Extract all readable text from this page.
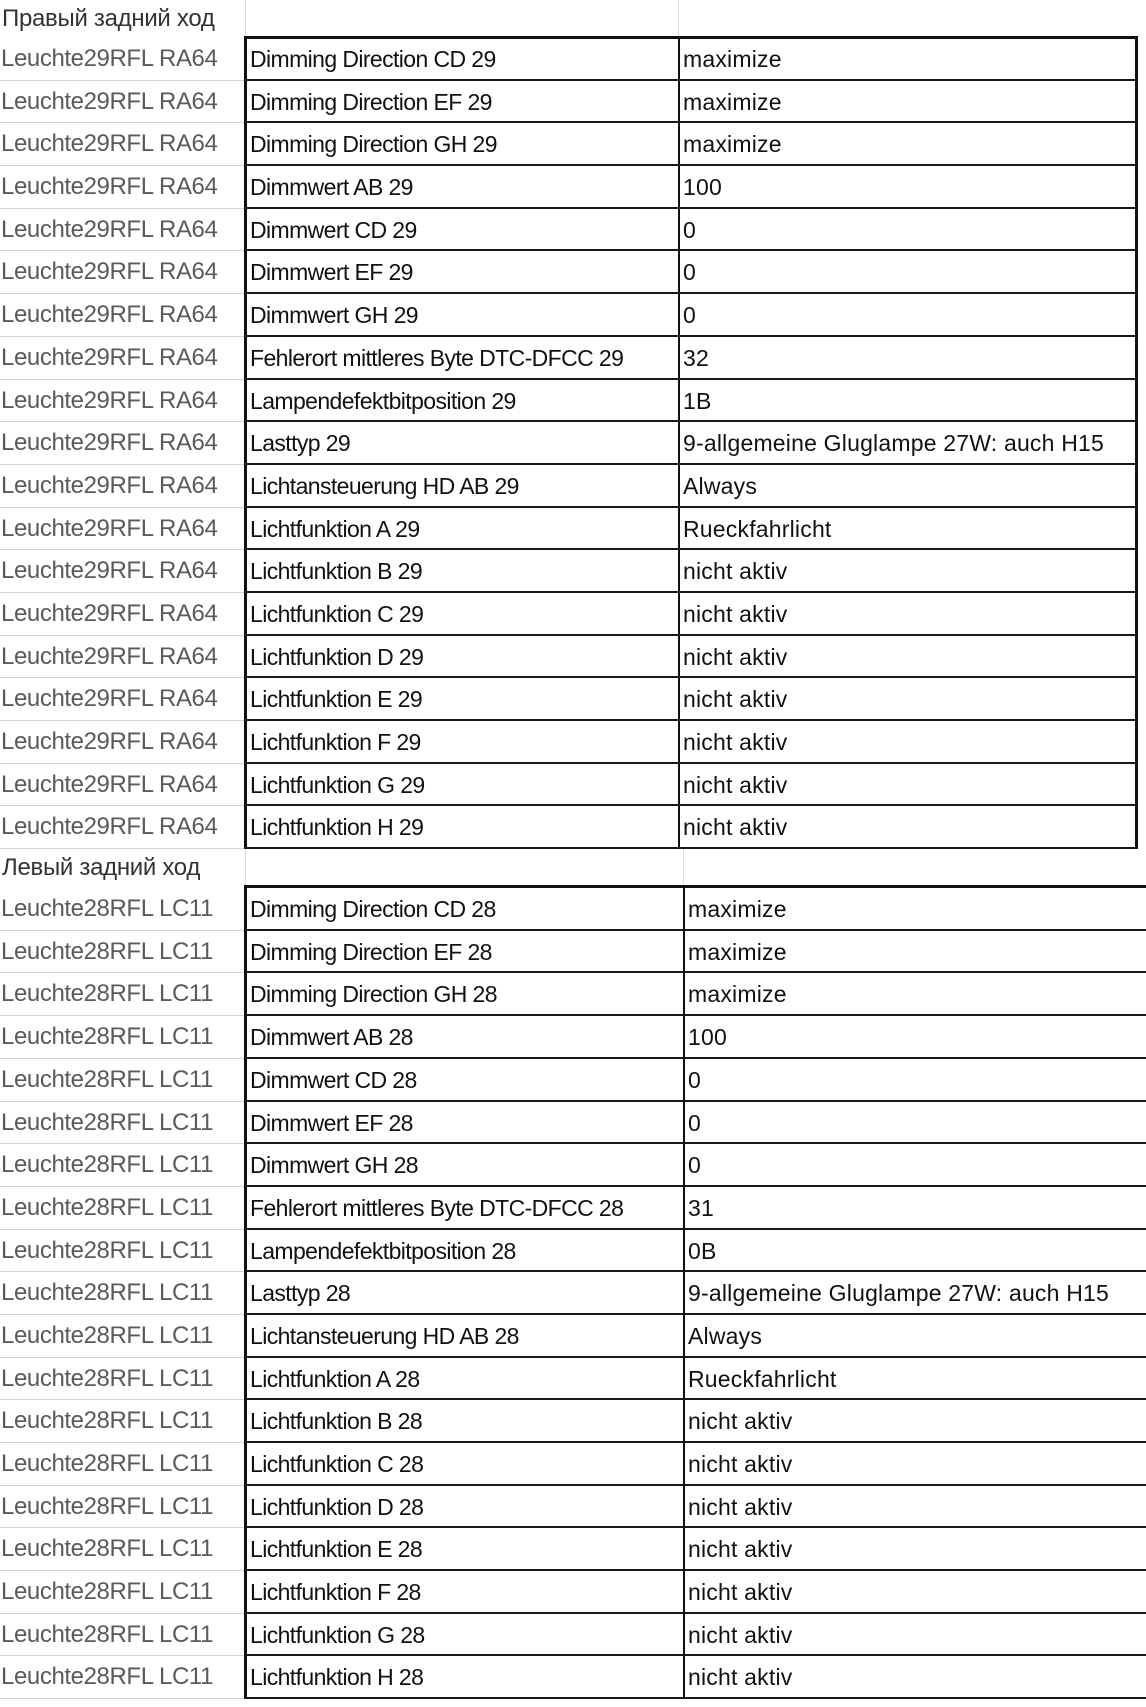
Правый задний ход
Leuchte29RFL RA64	Dimming Direction CD 29	maximize
Leuchte29RFL RA64	Dimming Direction EF 29	maximize
Leuchte29RFL RA64	Dimming Direction GH 29	maximize
Leuchte29RFL RA64	Dimmwert AB 29	100
Leuchte29RFL RA64	Dimmwert CD 29	0
Leuchte29RFL RA64	Dimmwert EF 29	0
Leuchte29RFL RA64	Dimmwert GH 29	0
Leuchte29RFL RA64	Fehlerort mittleres Byte DTC-DFCC 29	32
Leuchte29RFL RA64	Lampendefektbitposition 29	1B
Leuchte29RFL RA64	Lasttyp 29	9-allgemeine Gluglampe 27W: auch H15
Leuchte29RFL RA64	Lichtansteuerung HD AB 29	Always
Leuchte29RFL RA64	Lichtfunktion A 29	Rueckfahrlicht
Leuchte29RFL RA64	Lichtfunktion B 29	nicht aktiv
Leuchte29RFL RA64	Lichtfunktion C 29	nicht aktiv
Leuchte29RFL RA64	Lichtfunktion D 29	nicht aktiv
Leuchte29RFL RA64	Lichtfunktion E 29	nicht aktiv
Leuchte29RFL RA64	Lichtfunktion F 29	nicht aktiv
Leuchte29RFL RA64	Lichtfunktion G 29	nicht aktiv
Leuchte29RFL RA64	Lichtfunktion H 29	nicht aktiv
Левый задний ход
Leuchte28RFL LC11	Dimming Direction CD 28	maximize
Leuchte28RFL LC11	Dimming Direction EF 28	maximize
Leuchte28RFL LC11	Dimming Direction GH 28	maximize
Leuchte28RFL LC11	Dimmwert AB 28	100
Leuchte28RFL LC11	Dimmwert CD 28	0
Leuchte28RFL LC11	Dimmwert EF 28	0
Leuchte28RFL LC11	Dimmwert GH 28	0
Leuchte28RFL LC11	Fehlerort mittleres Byte DTC-DFCC 28	31
Leuchte28RFL LC11	Lampendefektbitposition 28	0B
Leuchte28RFL LC11	Lasttyp 28	9-allgemeine Gluglampe 27W: auch H15
Leuchte28RFL LC11	Lichtansteuerung HD AB 28	Always
Leuchte28RFL LC11	Lichtfunktion A 28	Rueckfahrlicht
Leuchte28RFL LC11	Lichtfunktion B 28	nicht aktiv
Leuchte28RFL LC11	Lichtfunktion C 28	nicht aktiv
Leuchte28RFL LC11	Lichtfunktion D 28	nicht aktiv
Leuchte28RFL LC11	Lichtfunktion E 28	nicht aktiv
Leuchte28RFL LC11	Lichtfunktion F 28	nicht aktiv
Leuchte28RFL LC11	Lichtfunktion G 28	nicht aktiv
Leuchte28RFL LC11	Lichtfunktion H 28	nicht aktiv
